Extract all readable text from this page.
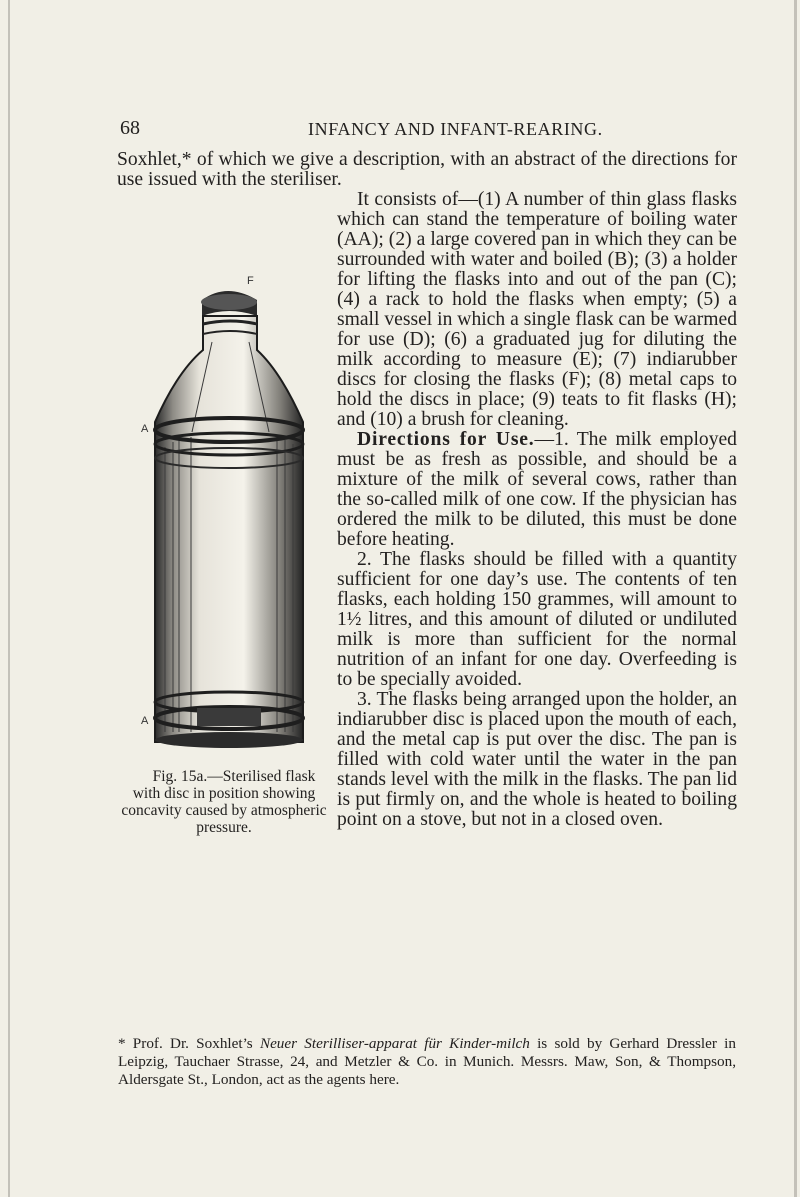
68	INFANCY AND INFANT-REARING.

Soxhlet,* of which we give a description, with an abstract of the directions for use issued with the steriliser.

F
A
A
Fig. 15a.—Sterilised flask with disc in position showing concavity caused by atmospheric pressure.
It consists of—(1) A number of thin glass flasks which can stand the temperature of boiling water (AA); (2) a large covered pan in which they can be surrounded with water and boiled (B); (3) a holder for lifting the flasks into and out of the pan (C); (4) a rack to hold the flasks when empty; (5) a small vessel in which a single flask can be warmed for use (D); (6) a graduated jug for diluting the milk according to measure (E); (7) indiarubber discs for closing the flasks (F); (8) metal caps to hold the discs in place; (9) teats to fit flasks (H); and (10) a brush for cleaning.

Directions for Use.—1. The milk employed must be as fresh as possible, and should be a mixture of the milk of several cows, rather than the so-called milk of one cow. If the physician has ordered the milk to be diluted, this must be done before heating.

2. The flasks should be filled with a quantity sufficient for one day’s use. The contents of ten flasks, each holding 150 grammes, will amount to 1½ litres, and this amount of diluted or undiluted milk is more than sufficient for the normal nutrition of an infant for one day. Overfeeding is to be specially avoided.

3. The flasks being arranged upon the holder, an indiarubber disc is placed upon the mouth of each, and the metal cap is put over the disc. The pan is filled with cold water until the water in the pan stands level with the milk in the flasks. The pan lid is put firmly on, and the whole is heated to boiling point on a stove, but not in a closed oven.

* Prof. Dr. Soxhlet’s Neuer Sterilliser-apparat für Kinder-milch is sold by Gerhard Dressler in Leipzig, Tauchaer Strasse, 24, and Metzler & Co. in Munich. Messrs. Maw, Son, & Thompson, Aldersgate St., London, act as the agents here.
